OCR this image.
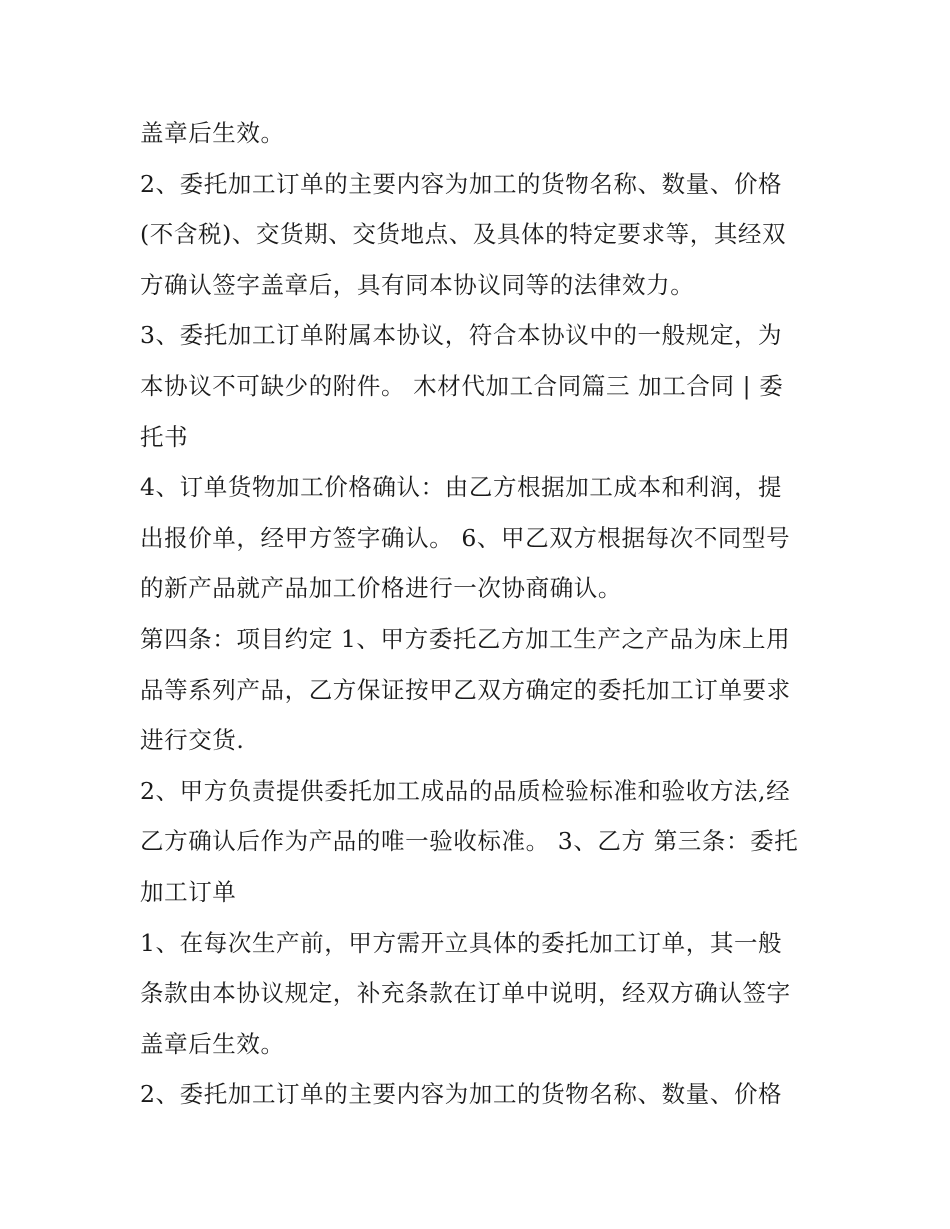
盖章后生效。
2、委托加工订单的主要内容为加工的货物名称、数量、价格
(不含税)、交货期、交货地点、及具体的特定要求等，其经双
方确认签字盖章后，具有同本协议同等的法律效力。
3、委托加工订单附属本协议，符合本协议中的一般规定，为
本协议不可缺少的附件。 木材代加工合同篇三 加工合同 | 委
托书
4、订单货物加工价格确认：由乙方根据加工成本和利润，提
出报价单，经甲方签字确认。 6、甲乙双方根据每次不同型号
的新产品就产品加工价格进行一次协商确认。
第四条：项目约定 1、甲方委托乙方加工生产之产品为床上用
品等系列产品，乙方保证按甲乙双方确定的委托加工订单要求
进行交货.
2、甲方负责提供委托加工成品的品质检验标准和验收方法,经
乙方确认后作为产品的唯一验收标准。 3、乙方 第三条：委托
加工订单
1、在每次生产前，甲方需开立具体的委托加工订单，其一般
条款由本协议规定，补充条款在订单中说明，经双方确认签字
盖章后生效。
2、委托加工订单的主要内容为加工的货物名称、数量、价格
